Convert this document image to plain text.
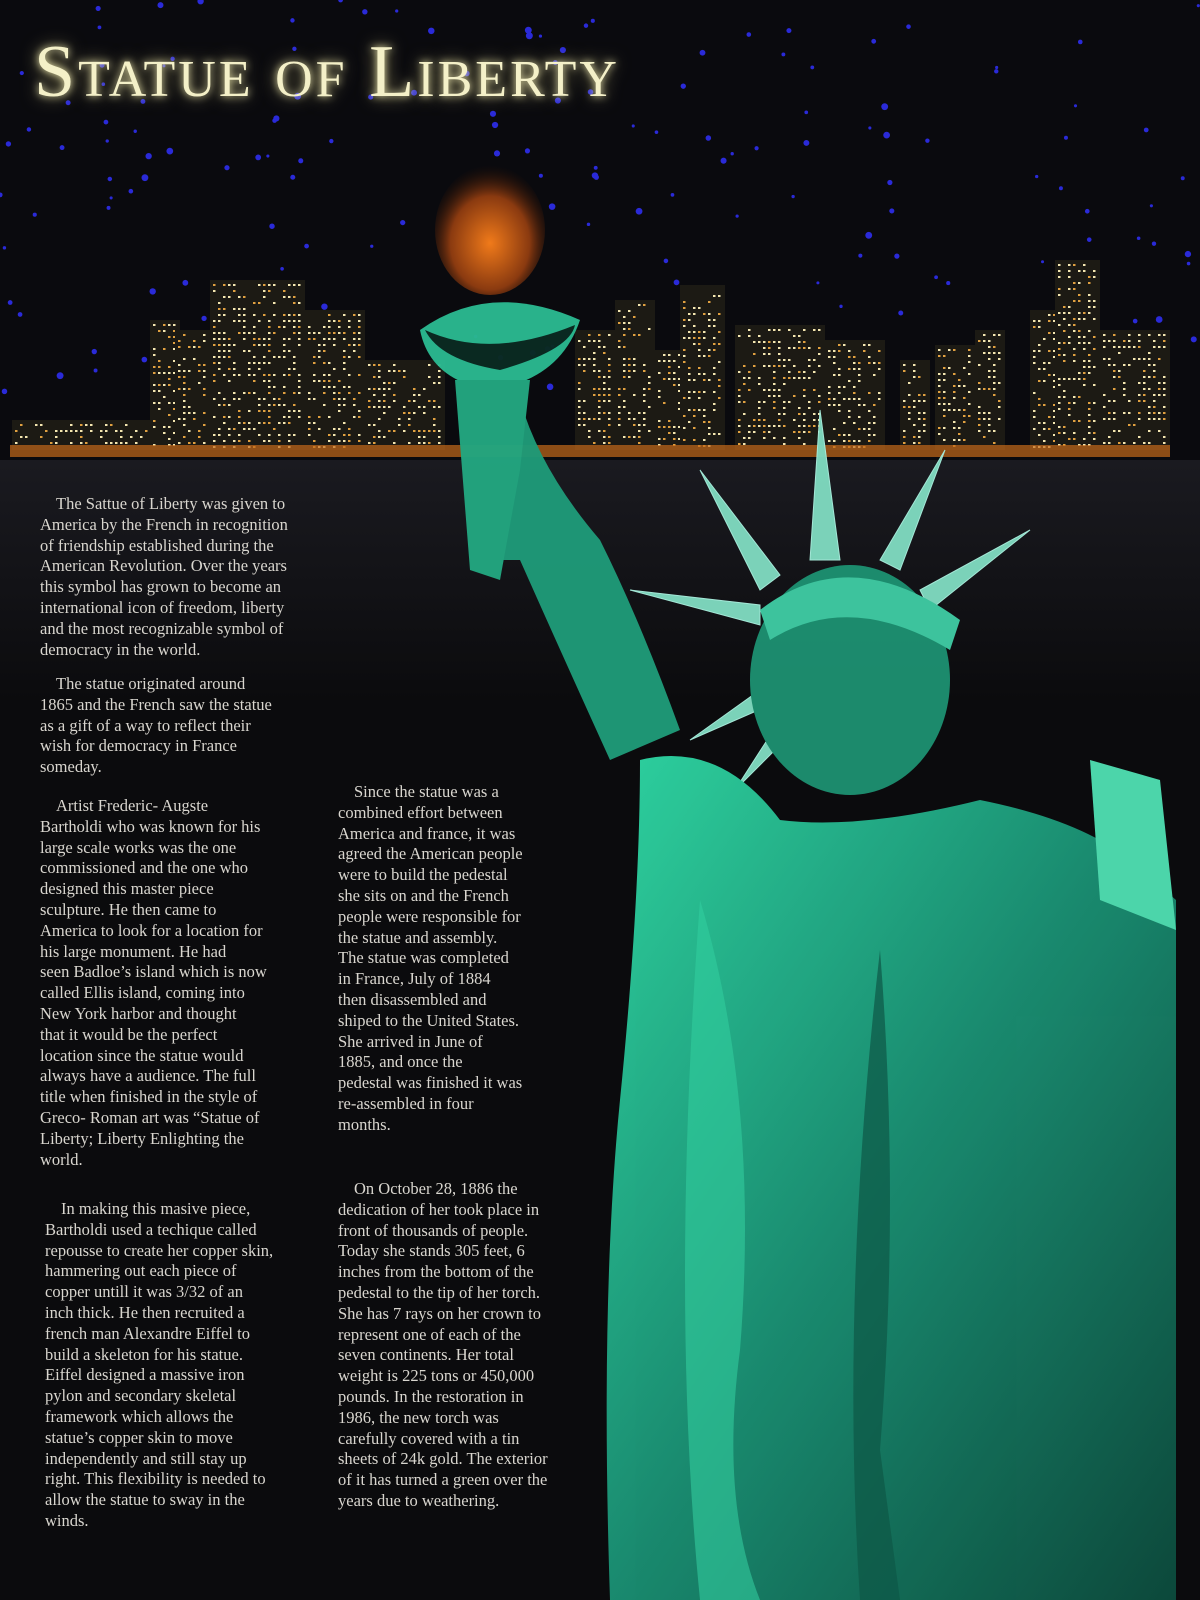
Statue of Liberty

The Sattue of Liberty was given to
America by the French in recognition
of friendship established during the
American Revolution. Over the years
this symbol has grown to become an
international icon of freedom, liberty
and the most recognizable symbol of
democracy in the world.

The statue originated around
1865 and the French saw the statue
as a gift of a way to reflect their
wish for democracy in France
someday.

Artist Frederic- Augste
Bartholdi who was known for his
large scale works was the one
commissioned and the one who
designed this master piece
sculpture. He then came to
America to look for a location for
his large monument. He had
seen Badloe’s island which is now
called Ellis island, coming into
New York harbor and thought
that it would be the perfect
location since the statue would
always have a audience. The full
title when finished in the style of
Greco- Roman art was “Statue of
Liberty; Liberty Enlighting the
world.

In making this masive piece,
Bartholdi used a techique called
repousse to create her copper skin,
hammering out each piece of
copper untill it was 3/32 of an
inch thick. He then recruited a
french man Alexandre Eiffel to
build a skeleton for his statue.
Eiffel designed a massive iron
pylon and secondary skeletal
framework which allows the
statue’s copper skin to move
independently and still stay up
right. This flexibility is needed to
allow the statue to sway in the
winds.

Since the statue was a
combined effort between
America and france, it was
agreed the American people
were to build the pedestal
she sits on and the French
people were responsible for
the statue and assembly.
The statue was completed
in France, July of 1884
then disassembled and
shiped to the United States.
She arrived in June of
1885, and once the
pedestal was finished it was
re-assembled in four
months.

On October 28, 1886 the
dedication of her took place in
front of thousands of people.
Today she stands 305 feet, 6
inches from the bottom of the
pedestal to the tip of her torch.
She has 7 rays on her crown to
represent one of each of the
seven continents. Her total
weight is 225 tons or 450,000
pounds. In the restoration in
1986, the new torch was
carefully covered with a tin
sheets of 24k gold. The exterior
of it has turned a green over the
years due to weathering.
